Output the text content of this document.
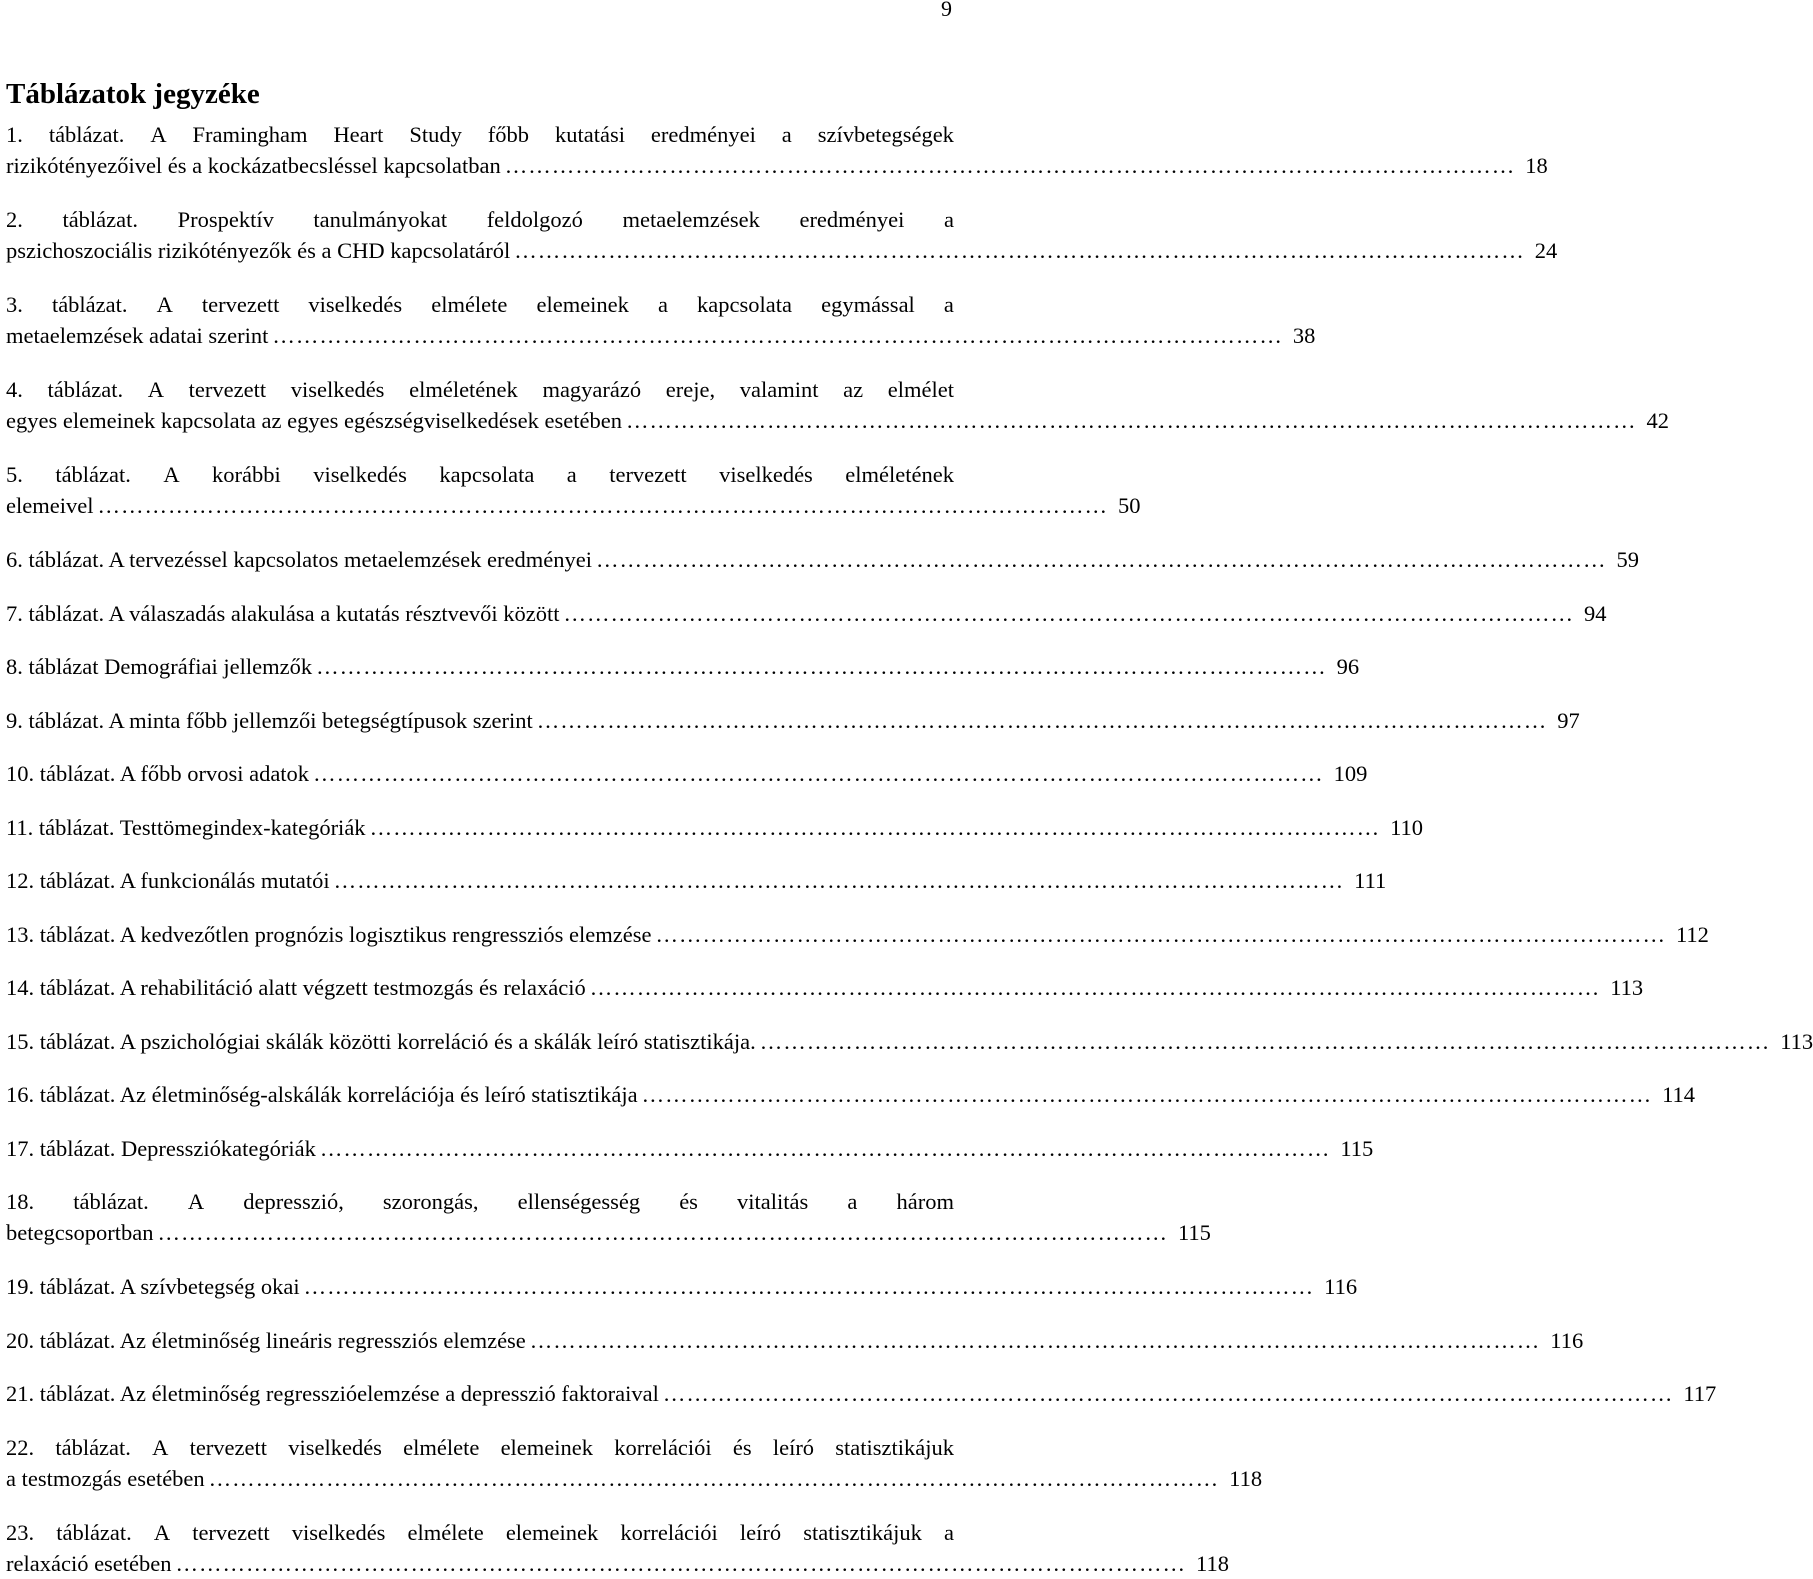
9
Táblázatok jegyzéke
1. táblázat. A Framingham Heart Study főbb kutatási eredményei a szívbetegségek
rizikótényezőivel és a kockázatbecsléssel kapcsolatban ………………………………………………………………………………………………………………… 18
2. táblázat. Prospektív tanulmányokat feldolgozó metaelemzések eredményei a
pszichoszociális rizikótényezők és a CHD kapcsolatáról ………………………………………………………………………………………………………………… 24
3. táblázat. A tervezett viselkedés elmélete elemeinek a kapcsolata egymással a
metaelemzések adatai szerint ………………………………………………………………………………………………………………… 38
4. táblázat. A tervezett viselkedés elméletének magyarázó ereje, valamint az elmélet
egyes elemeinek kapcsolata az egyes egészségviselkedések esetében ………………………………………………………………………………………………………………… 42
5. táblázat. A korábbi viselkedés kapcsolata a tervezett viselkedés elméletének
elemeivel ………………………………………………………………………………………………………………… 50
6. táblázat. A tervezéssel kapcsolatos metaelemzések eredményei ………………………………………………………………………………………………………………… 59
7. táblázat. A válaszadás alakulása a kutatás résztvevői között ………………………………………………………………………………………………………………… 94
8. táblázat Demográfiai jellemzők ………………………………………………………………………………………………………………… 96
9. táblázat. A minta főbb jellemzői betegségtípusok szerint ………………………………………………………………………………………………………………… 97
10. táblázat. A főbb orvosi adatok ………………………………………………………………………………………………………………… 109
11. táblázat. Testtömegindex-kategóriák ………………………………………………………………………………………………………………… 110
12. táblázat. A funkcionálás mutatói ………………………………………………………………………………………………………………… 111
13. táblázat. A kedvezőtlen prognózis logisztikus rengressziós elemzése ………………………………………………………………………………………………………………… 112
14. táblázat. A rehabilitáció alatt végzett testmozgás és relaxáció ………………………………………………………………………………………………………………… 113
15. táblázat. A pszichológiai skálák közötti korreláció és a skálák leíró statisztikája. ………………………………………………………………………………………………………………… 113
16. táblázat. Az életminőség-alskálák korrelációja és leíró statisztikája ………………………………………………………………………………………………………………… 114
17. táblázat. Depressziókategóriák ………………………………………………………………………………………………………………… 115
18. táblázat. A depresszió, szorongás, ellenségesség és vitalitás a három
betegcsoportban ………………………………………………………………………………………………………………… 115
19. táblázat. A szívbetegség okai ………………………………………………………………………………………………………………… 116
20. táblázat. Az életminőség lineáris regressziós elemzése ………………………………………………………………………………………………………………… 116
21. táblázat. Az életminőség regresszióelemzése a depresszió faktoraival ………………………………………………………………………………………………………………… 117
22. táblázat. A tervezett viselkedés elmélete elemeinek korrelációi és leíró statisztikájuk
a testmozgás esetében ………………………………………………………………………………………………………………… 118
23. táblázat. A tervezett viselkedés elmélete elemeinek korrelációi leíró statisztikájuk a
relaxáció esetében ………………………………………………………………………………………………………………… 118
